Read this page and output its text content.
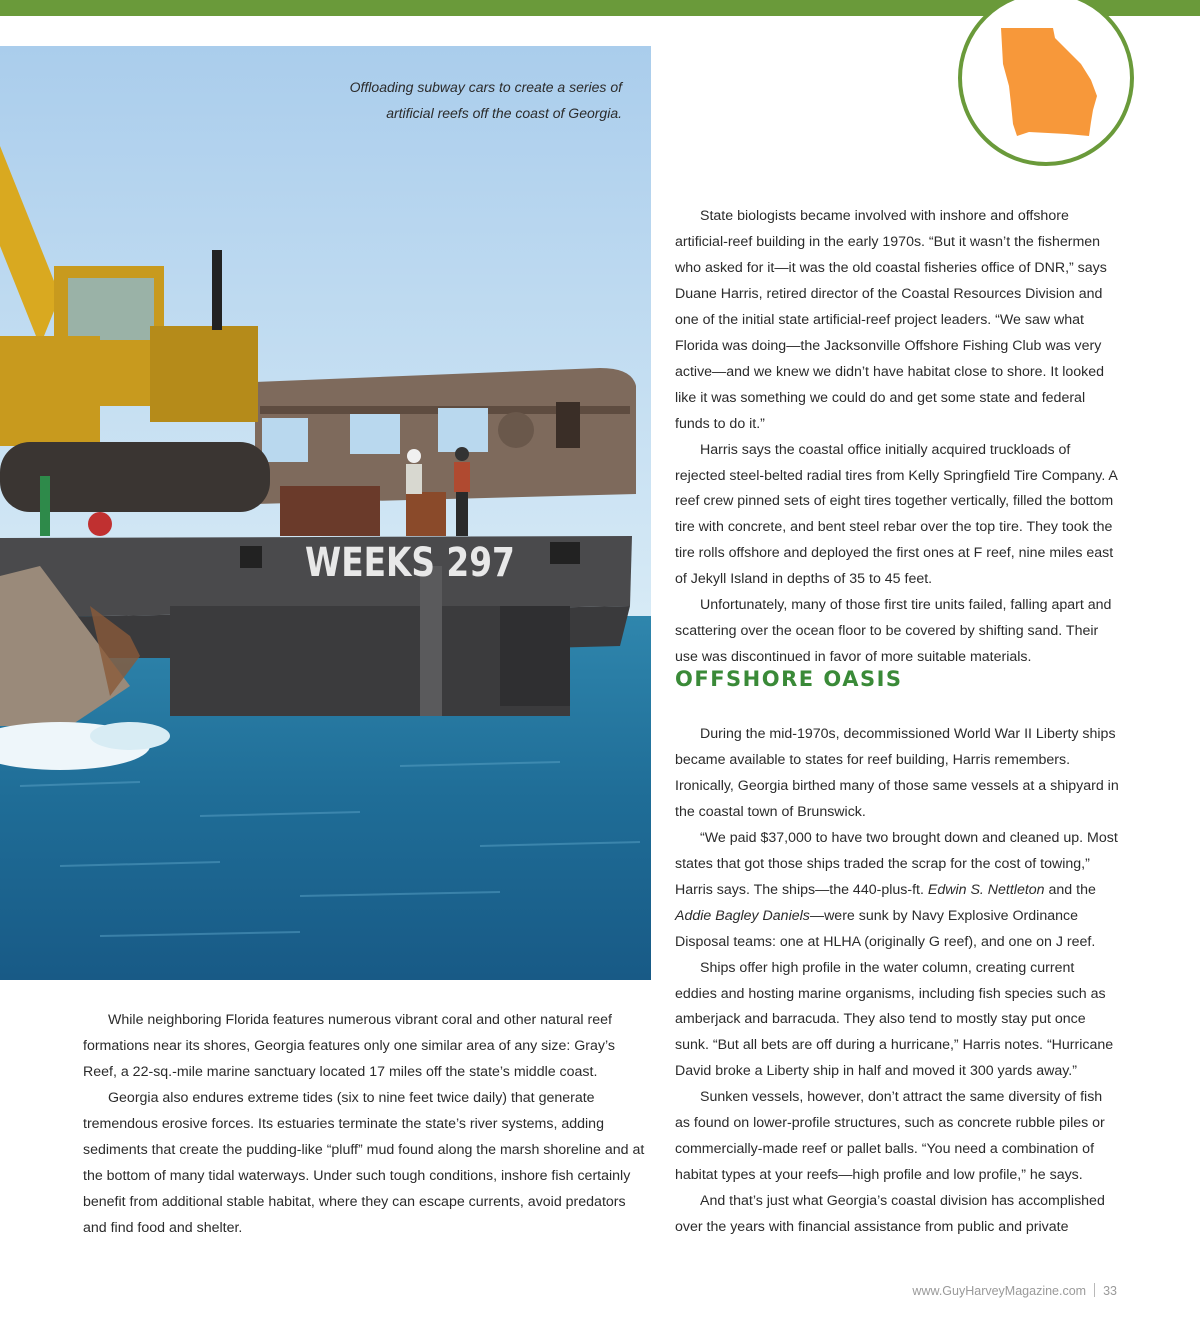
WEEKS 297
Offloading subway cars to create a series of
artificial reefs off the coast of Georgia.

State biologists became involved with inshore and offshore artificial-reef building in the early 1970s. “But it wasn’t the fishermen who asked for it—it was the old coastal fisheries office of DNR,” says Duane Harris, retired director of the Coastal Resources Division and one of the initial state artificial-reef project leaders. “We saw what Florida was doing—the Jacksonville Offshore Fishing Club was very active—and we knew we didn’t have habitat close to shore. It looked like it was something we could do and get some state and federal funds to do it.”

Harris says the coastal office initially acquired truckloads of rejected steel-belted radial tires from Kelly Springfield Tire Company. A reef crew pinned sets of eight tires together vertically, filled the bottom tire with concrete, and bent steel rebar over the top tire. They took the tire rolls offshore and deployed the first ones at F reef, nine miles east of Jekyll Island in depths of 35 to 45 feet.

Unfortunately, many of those first tire units failed, falling apart and scattering over the ocean floor to be covered by shifting sand. Their use was discontinued in favor of more suitable materials.

OFFSHORE OASIS

During the mid-1970s, decommissioned World War II Liberty ships became available to states for reef building, Harris remembers. Ironically, Georgia birthed many of those same vessels at a shipyard in the coastal town of Brunswick.

“We paid $37,000 to have two brought down and cleaned up. Most states that got those ships traded the scrap for the cost of towing,” Harris says. The ships—the 440-plus-ft. Edwin S. Nettleton and the Addie Bagley Daniels—were sunk by Navy Explosive Ordinance Disposal teams: one at HLHA (originally G reef), and one on J reef.

Ships offer high profile in the water column, creating current eddies and hosting marine organisms, including fish species such as amberjack and barracuda. They also tend to mostly stay put once sunk. “But all bets are off during a hurricane,” Harris notes. “Hurricane David broke a Liberty ship in half and moved it 300 yards away.”

Sunken vessels, however, don’t attract the same diversity of fish as found on lower-profile structures, such as concrete rubble piles or commercially-made reef or pallet balls. “You need a combination of habitat types at your reefs—high profile and low profile,” he says.

And that’s just what Georgia’s coastal division has accomplished over the years with financial assistance from public and private

While neighboring Florida features numerous vibrant coral and other natural reef formations near its shores, Georgia features only one similar area of any size: Gray’s Reef, a 22-sq.-mile marine sanctuary located 17 miles off the state’s middle coast.

Georgia also endures extreme tides (six to nine feet twice daily) that generate tremendous erosive forces. Its estuaries terminate the state’s river systems, adding sediments that create the pudding-like “pluff” mud found along the marsh shoreline and at the bottom of many tidal waterways. Under such tough conditions, inshore fish certainly benefit from additional stable habitat, where they can escape currents, avoid predators and find food and shelter.

www.GuyHarveyMagazine.com 33
